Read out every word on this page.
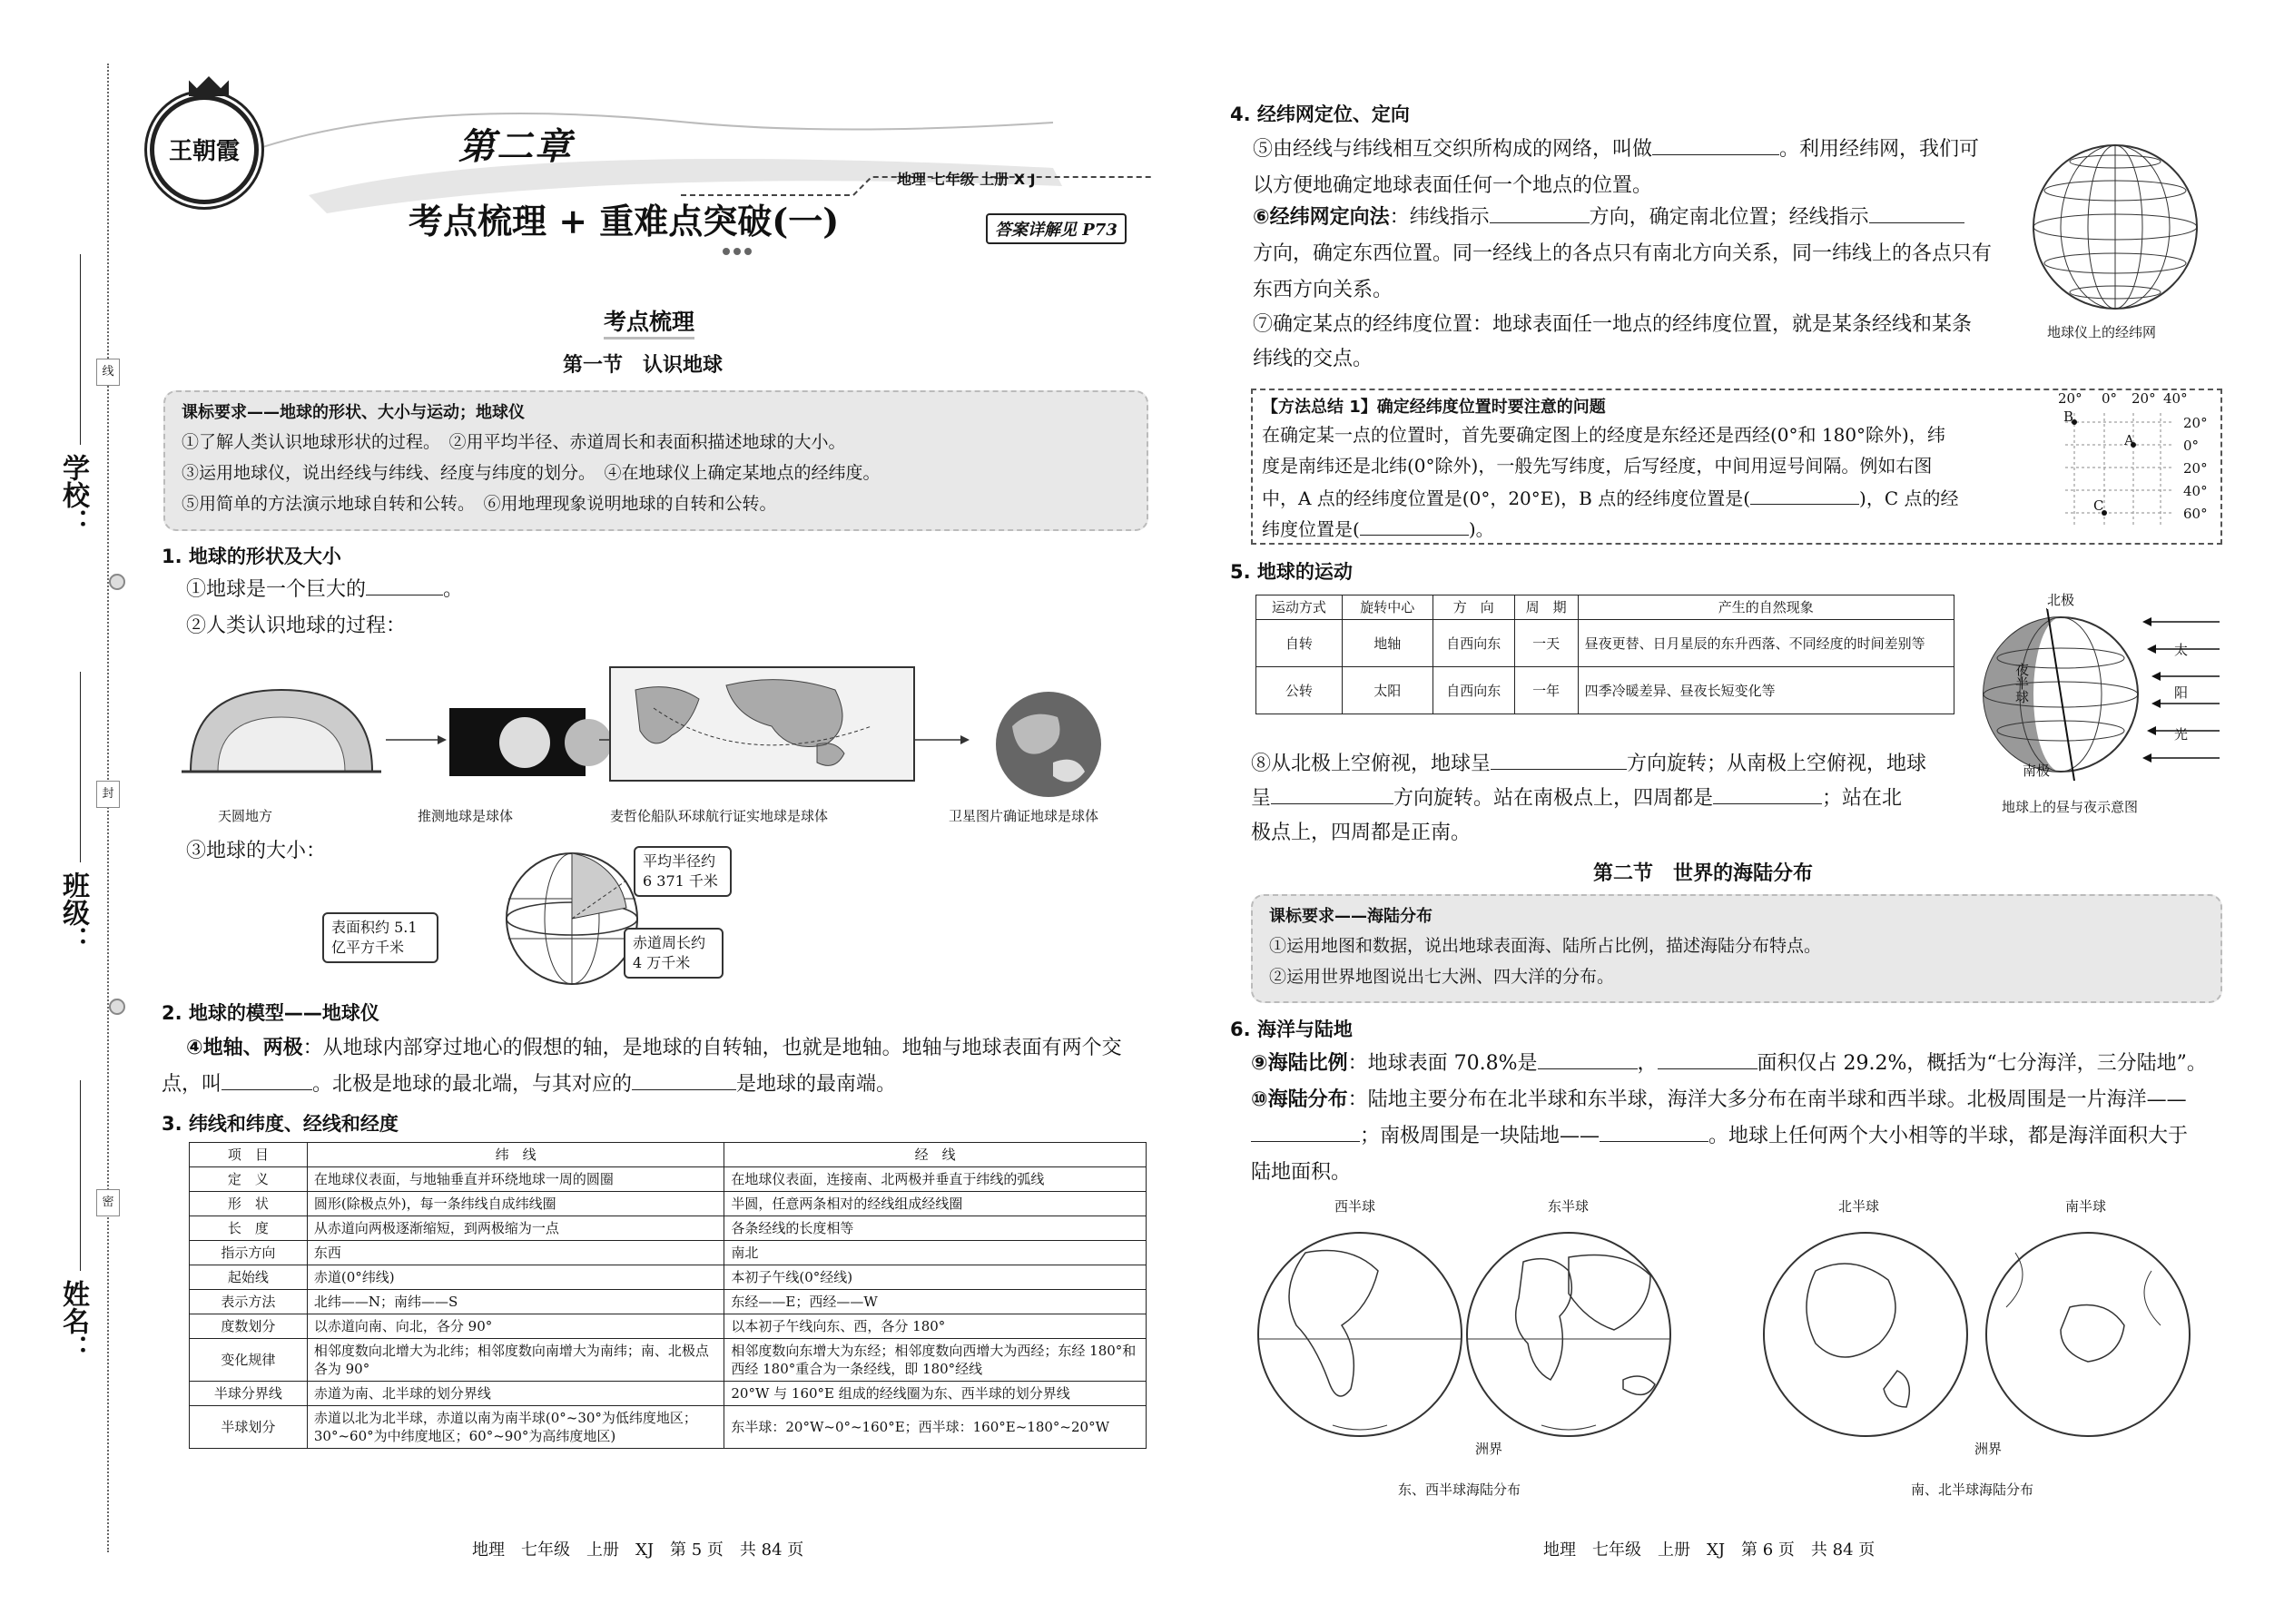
学校：
班级：
姓名：
线
封
密
王朝霞	第二章
考点梳理 + 重难点突破(一)
地理 七年级 上册 X J
答案详解见 P73
考点梳理
第一节　认识地球
课标要求——地球的形状、大小与运动；地球仪
①了解人类认识地球形状的过程。　②用平均半径、赤道周长和表面积描述地球的大小。
③运用地球仪，说出经线与纬线、经度与纬度的划分。　④在地球仪上确定某地点的经纬度。
⑤用简单的方法演示地球自转和公转。　⑥用地理现象说明地球的自转和公转。
1. 地球的形状及大小
①地球是一个巨大的	。
②人类认识地球的过程：
天圆地方	推测地球是球体	麦哲伦船队环球航行证实地球是球体	卫星图片确证地球是球体
③地球的大小：	平均半径约
6 371 千米
表面积约 5.1
亿平方千米	赤道周长约
4 万千米
2. 地球的模型——地球仪
④地轴、两极：从地球内部穿过地心的假想的轴，是地球的自转轴，也就是地轴。地轴与地球表面有两个交
点，叫	。北极是地球的最北端，与其对应的	是地球的最南端。
3. 纬线和纬度、经线和经度
项　目	纬　线	经　线
定　义	在地球仪表面，与地轴垂直并环绕地球一周的圆圈	在地球仪表面，连接南、北两极并垂直于纬线的弧线
形　状	圆形(除极点外)，每一条纬线自成纬线圈	半圆，任意两条相对的经线组成经线圈
长　度	从赤道向两极逐渐缩短，到两极缩为一点	各条经线的长度相等
指示方向	东西	南北
起始线	赤道(0°纬线)	本初子午线(0°经线)
表示方法	北纬——N；南纬——S	东经——E；西经——W
度数划分	以赤道向南、向北，各分 90°	以本初子午线向东、西，各分 180°
变化规律	相邻度数向北增大为北纬；相邻度数向南增大为南纬；南、北极点各为 90°	相邻度数向东增大为东经；相邻度数向西增大为西经；东经 180°和西经 180°重合为一条经线，即 180°经线
半球分界线	赤道为南、北半球的划分界线	20°W 与 160°E 组成的经线圈为东、西半球的划分界线
半球划分	赤道以北为北半球，赤道以南为南半球(0°~30°为低纬度地区；30°~60°为中纬度地区；60°~90°为高纬度地区)	东半球：20°W~0°~160°E；西半球：160°E~180°~20°W
地理　七年级　上册　XJ　第 5 页　共 84 页
4. 经纬网定位、定向
⑤由经线与纬线相互交织所构成的网络，叫做	。利用经纬网，我们可
以方便地确定地球表面任何一个地点的位置。
⑥经纬网定向法：纬线指示	方向，确定南北位置；经线指示
方向，确定东西位置。同一经线上的各点只有南北方向关系，同一纬线上的各点只有
东西方向关系。
⑦确定某点的经纬度位置：地球表面任一地点的经纬度位置，就是某条经线和某条
纬线的交点。
地球仪上的经纬网
【方法总结 1】确定经纬度位置时要注意的问题
在确定某一点的位置时，首先要确定图上的经度是东经还是西经(0°和 180°除外)，纬
度是南纬还是北纬(0°除外)，一般先写纬度，后写经度，中间用逗号间隔。例如右图
中，A 点的经纬度位置是(0°，20°E)，B 点的经纬度位置是(	)，C 点的经
纬度位置是(	)。
20° 0° 20° 40°
B
A
C
20°
0°
20°
40°
60°
5. 地球的运动
运动方式	旋转中心	方　向	周　期	产生的自然现象
自转	地轴	自西向东	一天	昼夜更替、日月星辰的东升西落、不同经度的时间差别等
公转	太阳	自西向东	一年	四季冷暖差异、昼夜长短变化等
北极
南极
夜半球
太
阳
光
地球上的昼与夜示意图
⑧从北极上空俯视，地球呈	方向旋转；从南极上空俯视，地球
呈	方向旋转。站在南极点上，四周都是	；站在北
极点上，四周都是正南。
第二节　世界的海陆分布
课标要求——海陆分布
①运用地图和数据，说出地球表面海、陆所占比例，描述海陆分布特点。
②运用世界地图说出七大洲、四大洋的分布。
6. 海洋与陆地
⑨海陆比例：地球表面 70.8%是	，	面积仅占 29.2%，概括为“七分海洋，三分陆地”。
⑩海陆分布：陆地主要分布在北半球和东半球，海洋大多分布在南半球和西半球。北极周围是一片海洋——
；南极周围是一块陆地——	。地球上任何两个大小相等的半球，都是海洋面积大于
陆地面积。
西半球	东半球
洲界
东、西半球海陆分布
北半球	南半球
洲界
南、北半球海陆分布
地理　七年级　上册　XJ　第 6 页　共 84 页
